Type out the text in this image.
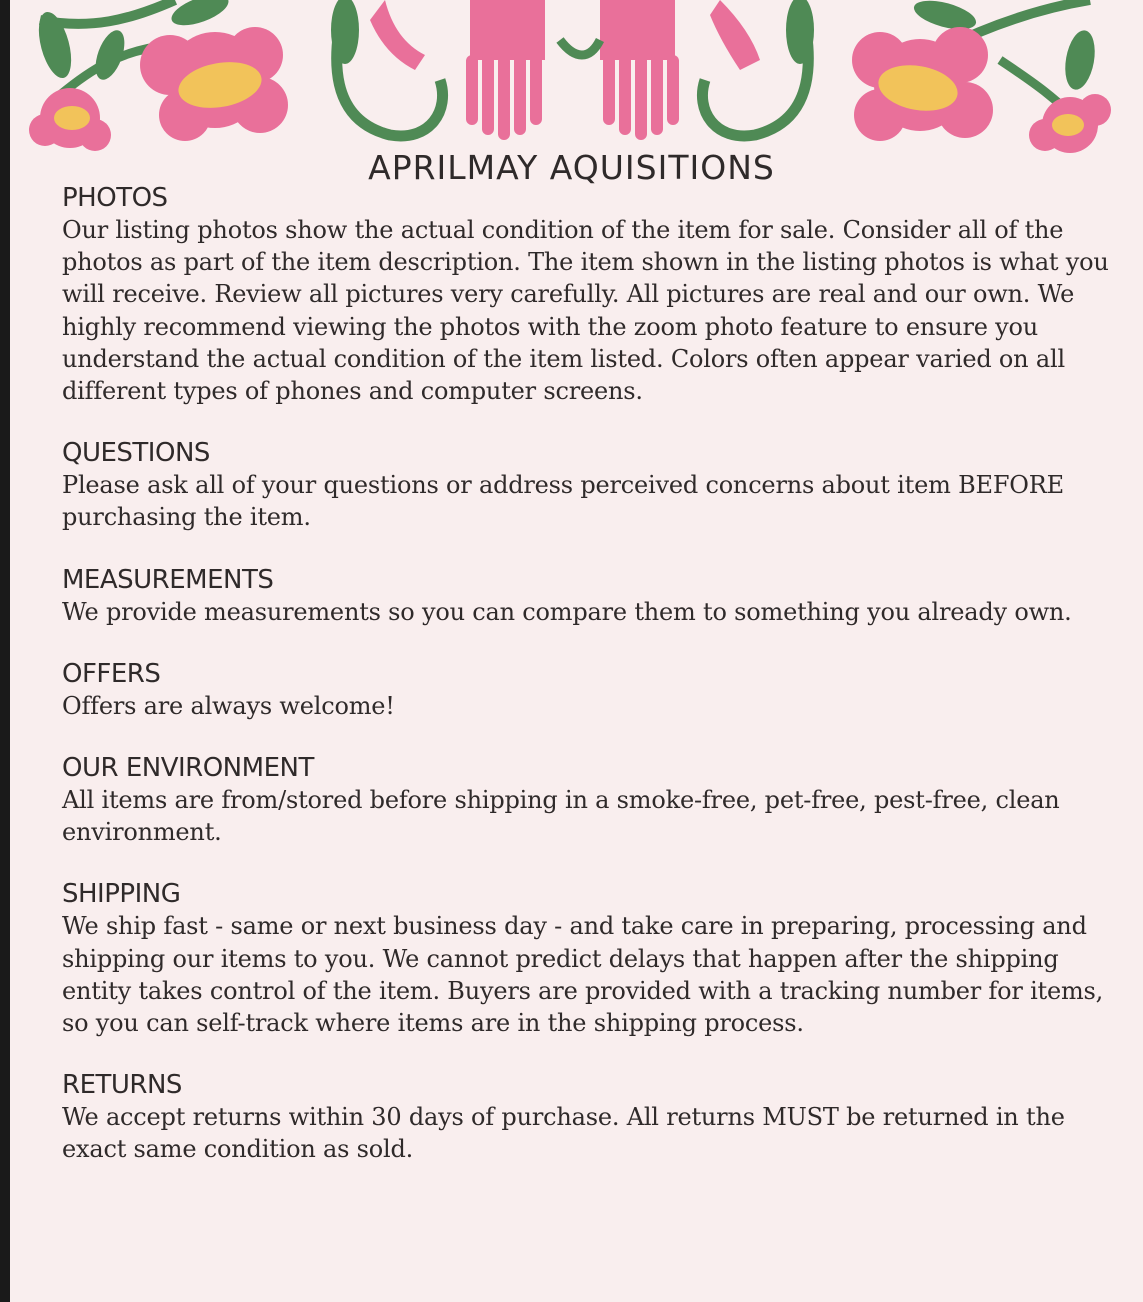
APRILMAY AQUISITIONS
PHOTOS
Our listing photos show the actual condition of the item for sale. Consider all of the photos as part of the item description. The item shown in the listing photos is what you will receive. Review all pictures very carefully. All pictures are real and our own. We highly recommend viewing the photos with the zoom photo feature to ensure you understand the actual condition of the item listed. Colors often appear varied on all different types of phones and computer screens.
QUESTIONS
Please ask all of your questions or address perceived concerns about item BEFORE purchasing the item.
MEASUREMENTS
We provide measurements so you can compare them to something you already own.
OFFERS
Offers are always welcome!
OUR ENVIRONMENT
All items are from/stored before shipping in a smoke-free, pet-free, pest-free, clean environment.
SHIPPING
We ship fast - same or next business day - and take care in preparing, processing and shipping our items to you. We cannot predict delays that happen after the shipping entity takes control of the item. Buyers are provided with a tracking number for items, so you can self-track where items are in the shipping process.
RETURNS
We accept returns within 30 days of purchase. All returns MUST be returned in the exact same condition as sold.
